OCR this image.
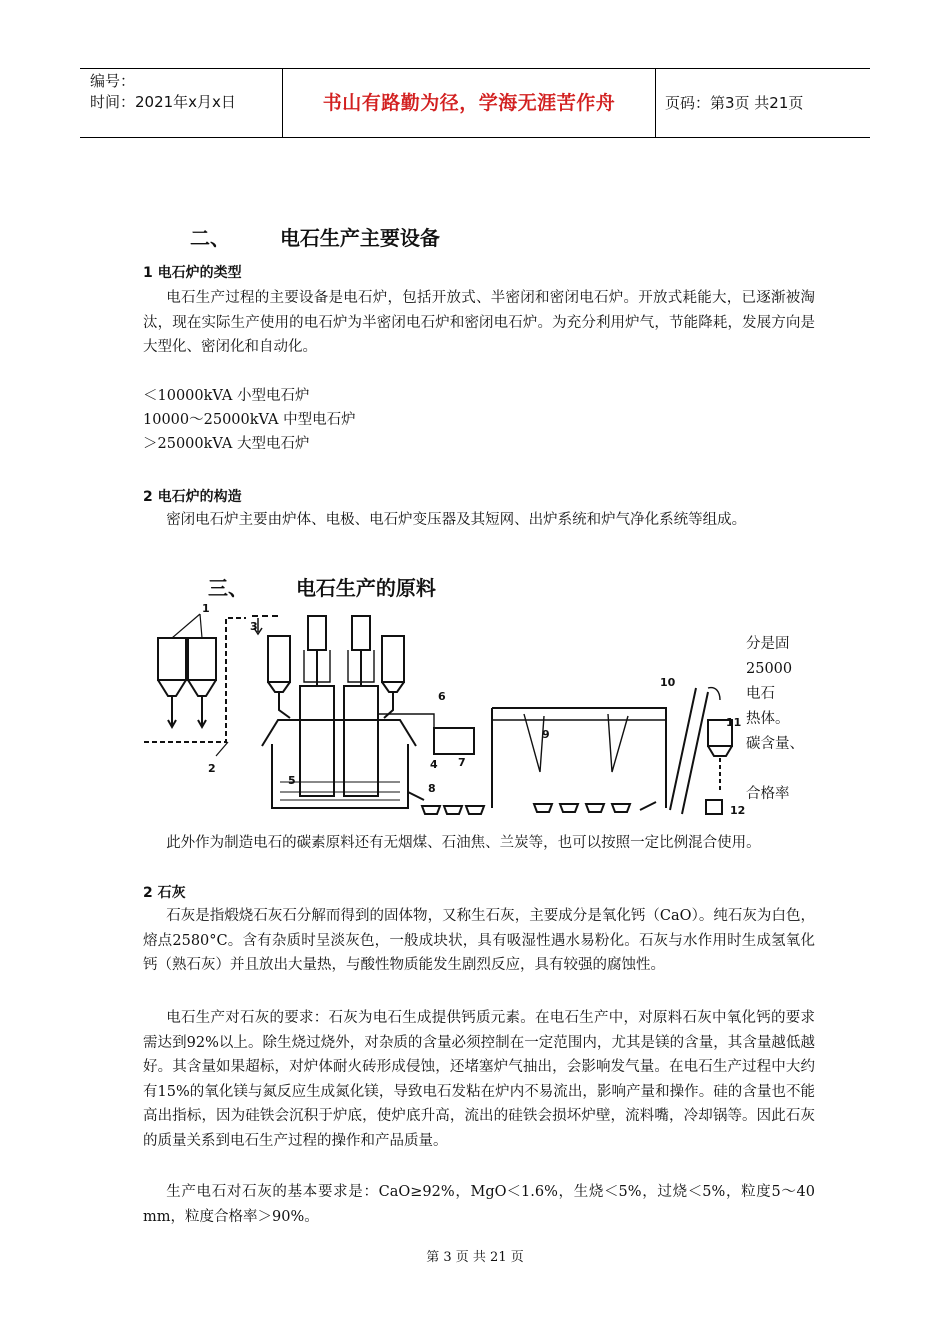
编号：
时间：2021年x月x日	书山有路勤为径，学海无涯苦作舟	页码：第3页 共21页
二、 电石生产主要设备
1 电石炉的类型
电石生产过程的主要设备是电石炉，包括开放式、半密闭和密闭电石炉。开放式耗能大，已逐渐被淘汰，现在实际生产使用的电石炉为半密闭电石炉和密闭电石炉。为充分利用炉气，节能降耗，发展方向是大型化、密闭化和自动化。
＜10000kVA 小型电石炉
10000～25000kVA 中型电石炉
＞25000kVA 大型电石炉
2 电石炉的构造
密闭电石炉主要由炉体、电极、电石炉变压器及其短网、出炉系统和炉气净化系统等组成。
三、 电石生产的原料
1
2
3
4
5
6
7
8
9
10
11
12
分是固
25000
电石
热体。
碳含量、
合格率
此外作为制造电石的碳素原料还有无烟煤、石油焦、兰炭等，也可以按照一定比例混合使用。
2 石灰
石灰是指煅烧石灰石分解而得到的固体物，又称生石灰，主要成分是氧化钙（CaO）。纯石灰为白色，熔点2580°C。含有杂质时呈淡灰色，一般成块状，具有吸湿性遇水易粉化。石灰与水作用时生成氢氧化钙（熟石灰）并且放出大量热，与酸性物质能发生剧烈反应，具有较强的腐蚀性。
电石生产对石灰的要求：石灰为电石生成提供钙质元素。在电石生产中，对原料石灰中氧化钙的要求需达到92%以上。除生烧过烧外，对杂质的含量必须控制在一定范围内，尤其是镁的含量，其含量越低越好。其含量如果超标，对炉体耐火砖形成侵蚀，还堵塞炉气抽出，会影响发气量。在电石生产过程中大约有15%的氧化镁与氮反应生成氮化镁，导致电石发粘在炉内不易流出，影响产量和操作。硅的含量也不能高出指标，因为硅铁会沉积于炉底，使炉底升高，流出的硅铁会损坏炉壁，流料嘴，冷却锅等。因此石灰的质量关系到电石生产过程的操作和产品质量。
生产电石对石灰的基本要求是：CaO≥92%，MgO＜1.6%，生烧＜5%，过烧＜5%，粒度5～40 mm，粒度合格率＞90%。
第 3 页 共 21 页
